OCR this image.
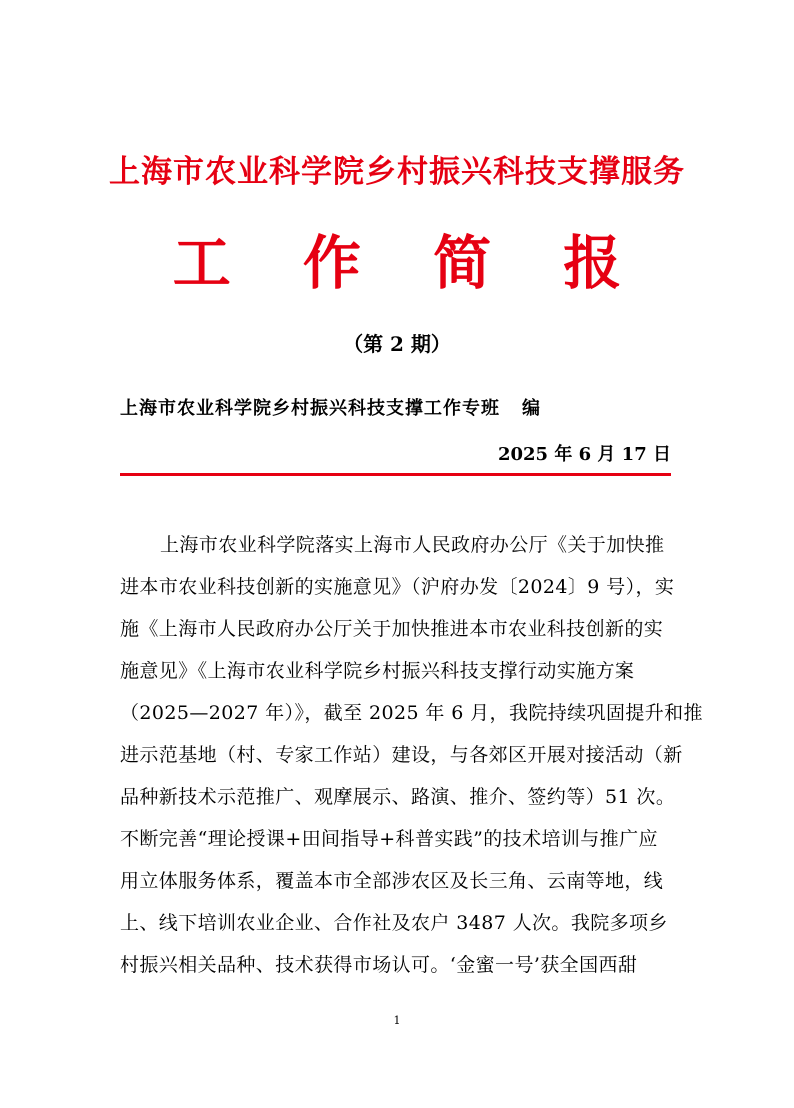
上海市农业科学院乡村振兴科技支撑服务
工 作 简 报
（第 2 期）
上海市农业科学院乡村振兴科技支撑工作专班 编
2025 年 6 月 17 日
上海市农业科学院落实上海市人民政府办公厅《关于加快推
进本市农业科技创新的实施意见》（沪府办发〔2024〕9 号），实
施《上海市人民政府办公厅关于加快推进本市农业科技创新的实
施意见》《上海市农业科学院乡村振兴科技支撑行动实施方案
（2025—2027 年）》，截至 2025 年 6 月，我院持续巩固提升和推
进示范基地（村、专家工作站）建设，与各郊区开展对接活动（新
品种新技术示范推广、观摩展示、路演、推介、签约等）51 次。
不断完善“理论授课+田间指导+科普实践”的技术培训与推广应
用立体服务体系，覆盖本市全部涉农区及长三角、云南等地，线
上、线下培训农业企业、合作社及农户 3487 人次。我院多项乡
村振兴相关品种、技术获得市场认可。‘金蜜一号’获全国西甜
1
